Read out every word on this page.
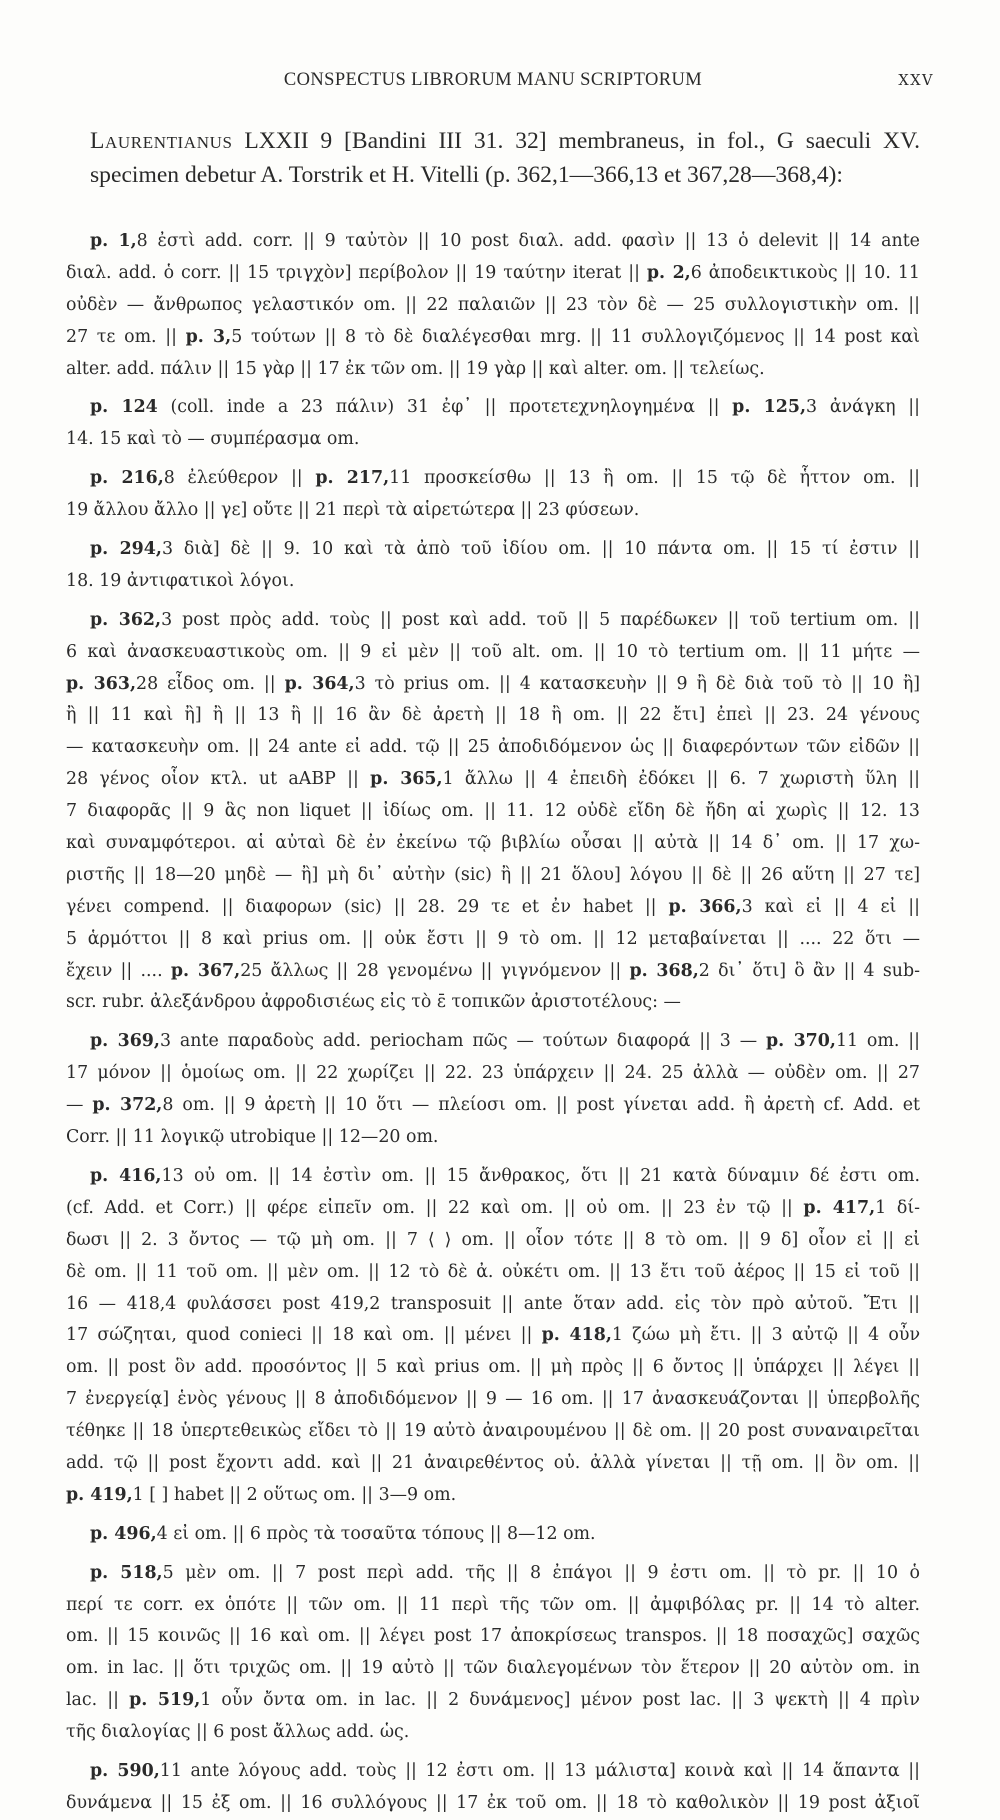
CONSPECTUS LIBRORUM MANU SCRIPTORUM	XXV
Laurentianus LXXII 9 [Bandini III 31. 32] membraneus, in fol., G saeculi XV. specimen debetur A. Torstrik et H. Vitelli (p. 362,1—366,13 et 367,28—368,4):
p. 1,8 ἐστὶ add. corr. || 9 ταὐτὸν || 10 post διαλ. add. φασὶν || 13 ὁ delevit || 14 ante
διαλ. add. ὁ corr. || 15 τριγχὸν] περίβολον || 19 ταύτην iterat || p. 2,6 ἀποδεικτικοὺς || 10. 11
οὐδὲν — ἄνθρωπος γελαστικόν om. || 22 παλαιῶν || 23 τὸν δὲ — 25 συλλογιστικὴν om. ||
27 τε om. || p. 3,5 τούτων || 8 τὸ δὲ διαλέγεσθαι mrg. || 11 συλλογιζόμενος || 14 post καὶ
alter. add. πάλιν || 15 γὰρ || 17 ἐκ τῶν om. || 19 γὰρ || καὶ alter. om. || τελείως.
p. 124 (coll. inde a 23 πάλιν) 31 ἐφ᾽ || προτετεχνηλογημένα || p. 125,3 ἀνάγκη ||
14. 15 καὶ τὸ — συμπέρασμα om.
p. 216,8 ἐλεύθερον || p. 217,11 προσκείσθω || 13 ἢ om. || 15 τῷ δὲ ἧττον om. ||
19 ἄλλου ἄλλο || γε] οὔτε || 21 περὶ τὰ αἱρετώτερα || 23 φύσεων.
p. 294,3 διὰ] δὲ || 9. 10 καὶ τὰ ἀπὸ τοῦ ἰδίου om. || 10 πάντα om. || 15 τί ἐστιν ||
18. 19 ἀντιφατικοὶ λόγοι.
p. 362,3 post πρὸς add. τοὺς || post καὶ add. τοῦ || 5 παρέδωκεν || τοῦ tertium om. ||
6 καὶ ἀνασκευαστικοὺς om. || 9 εἰ μὲν || τοῦ alt. om. || 10 τὸ tertium om. || 11 μήτε —
p. 363,28 εἶδος om. || p. 364,3 τὸ prius om. || 4 κατασκευὴν || 9 ἢ δὲ διὰ τοῦ τὸ || 10 ἢ]
ἢ || 11 καὶ ἢ] ἢ || 13 ἢ || 16 ἂν δὲ ἀρετὴ || 18 ἢ om. || 22 ἔτι] ἐπεὶ || 23. 24 γένους
— κατασκευὴν om. || 24 ante εἰ add. τῷ || 25 ἀποδιδόμενον ὡς || διαφερόντων τῶν εἰδῶν ||
28 γένος οἷον κτλ. ut aABP || p. 365,1 ἄλλω || 4 ἐπειδὴ ἐδόκει || 6. 7 χωριστὴ ὕλη ||
7 διαφορᾶς || 9 ἃς non liquet || ἰδίως om. || 11. 12 οὐδὲ εἴδη δὲ ἤδη αἱ χωρὶς || 12. 13
καὶ συναμφότεροι. αἱ αὐταὶ δὲ ἐν ἐκείνω τῷ βιβλίω οὖσαι || αὐτὰ || 14 δ᾽ om. || 17 χω-
ριστῆς || 18—20 μηδὲ — ἢ] μὴ δι᾽ αὐτὴν (sic) ἢ || 21 ὅλου] λόγου || δὲ || 26 αὕτη || 27 τε]
γένει compend. || διαφορων (sic) || 28. 29 τε et ἐν habet || p. 366,3 καὶ εἰ || 4 εἰ ||
5 ἁρμόττοι || 8 καὶ prius om. || οὐκ ἔστι || 9 τὸ om. || 12 μεταβαίνεται || .... 22 ὅτι —
ἔχειν || .... p. 367,25 ἄλλως || 28 γενομένω || γιγνόμενον || p. 368,2 δι᾽ ὅτι] ὃ ἂν || 4 sub-
scr. rubr. ἀλεξάνδρου ἀφροδισιέως εἰς τὸ ε̄ τοπικῶν ἀριστοτέλους: —
p. 369,3 ante παραδοὺς add. periocham πῶς — τούτων διαφορά || 3 — p. 370,11 om. ||
17 μόνον || ὁμοίως om. || 22 χωρίζει || 22. 23 ὑπάρχειν || 24. 25 ἀλλὰ — οὐδὲν om. || 27
— p. 372,8 om. || 9 ἀρετὴ || 10 ὅτι — πλείοσι om. || post γίνεται add. ἢ ἀρετὴ cf. Add. et
Corr. || 11 λογικῷ utrobique || 12—20 om.
p. 416,13 οὐ om. || 14 ἐστὶν om. || 15 ἄνθρακος, ὅτι || 21 κατὰ δύναμιν δέ ἐστι om.
(cf. Add. et Corr.) || φέρε εἰπεῖν om. || 22 καὶ om. || οὐ om. || 23 ἐν τῷ || p. 417,1 δί-
δωσι || 2. 3 ὄντος — τῷ μὴ om. || 7 ⟨ ⟩ om. || οἷον τότε || 8 τὸ om. || 9 δ] οἷον εἰ || εἰ
δὲ om. || 11 τοῦ om. || μὲν om. || 12 τὸ δὲ ἀ. οὐκέτι om. || 13 ἔτι τοῦ ἀέρος || 15 εἰ τοῦ ||
16 — 418,4 φυλάσσει post 419,2 transposuit || ante ὅταν add. εἰς τὸν πρὸ αὐτοῦ. Ἔτι ||
17 σώζηται, quod conieci || 18 καὶ om. || μένει || p. 418,1 ζώω μὴ ἔτι. || 3 αὐτῷ || 4 οὖν
om. || post ὃν add. προσόντος || 5 καὶ prius om. || μὴ πρὸς || 6 ὄντος || ὑπάρχει || λέγει ||
7 ἐνεργείᾳ] ἑνὸς γένους || 8 ἀποδιδόμενον || 9 — 16 om. || 17 ἀνασκευάζονται || ὑπερβολῆς
τέθηκε || 18 ὑπερτεθεικὼς εἴδει τὸ || 19 αὐτὸ ἀναιρουμένου || δὲ om. || 20 post συναναιρεῖται
add. τῷ || post ἔχοντι add. καὶ || 21 ἀναιρεθέντος οὐ. ἀλλὰ γίνεται || τῇ om. || ὂν om. ||
p. 419,1 [ ] habet || 2 οὕτως om. || 3—9 om.
p. 496,4 εἰ om. || 6 πρὸς τὰ τοσαῦτα τόπους || 8—12 om.
p. 518,5 μὲν om. || 7 post περὶ add. τῆς || 8 ἐπάγοι || 9 ἐστι om. || τὸ pr. || 10 ὁ
περί τε corr. ex ὁπότε || τῶν om. || 11 περὶ τῆς τῶν om. || ἀμφιβόλας pr. || 14 τὸ alter.
om. || 15 κοινῶς || 16 καὶ om. || λέγει post 17 ἀποκρίσεως transpos. || 18 ποσαχῶς] σαχῶς
om. in lac. || ὅτι τριχῶς om. || 19 αὐτὸ || τῶν διαλεγομένων τὸν ἕτερον || 20 αὐτὸν om. in
lac. || p. 519,1 οὖν ὄντα om. in lac. || 2 δυνάμενος] μένον post lac. || 3 ψεκτὴ || 4 πρὶν
τῆς διαλογίας || 6 post ἄλλως add. ὡς.
p. 590,11 ante λόγους add. τοὺς || 12 ἐστι om. || 13 μάλιστα] κοινὰ καὶ || 14 ἅπαντα ||
δυνάμενα || 15 ἐξ om. || 16 συλλόγους || 17 ἐκ τοῦ om. || 18 τὸ καθολικὸν || 19 post ἀξιοῖ
